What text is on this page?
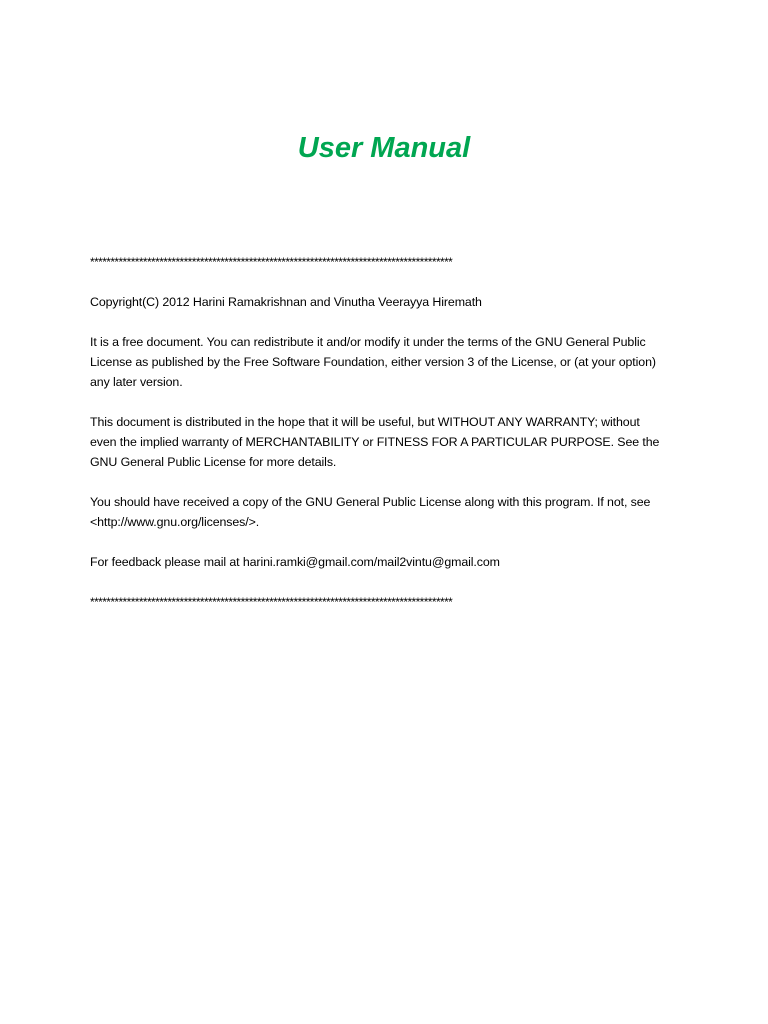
User Manual
*****************************************************************************************
Copyright(C) 2012 Harini Ramakrishnan and Vinutha Veerayya Hiremath
It is a free document. You can redistribute it and/or modify it under the terms of the GNU General Public
License as published by the Free Software Foundation, either version 3 of the License, or (at your option)
any later version.
This document is distributed in the hope that it will be useful, but WITHOUT ANY WARRANTY; without
even the implied warranty of MERCHANTABILITY or FITNESS FOR A PARTICULAR PURPOSE. See the
GNU General Public License for more details.
You should have received a copy of the GNU General Public License along with this program. If not, see
<http://www.gnu.org/licenses/>.
For feedback please mail at harini.ramki@gmail.com/mail2vintu@gmail.com
*****************************************************************************************
